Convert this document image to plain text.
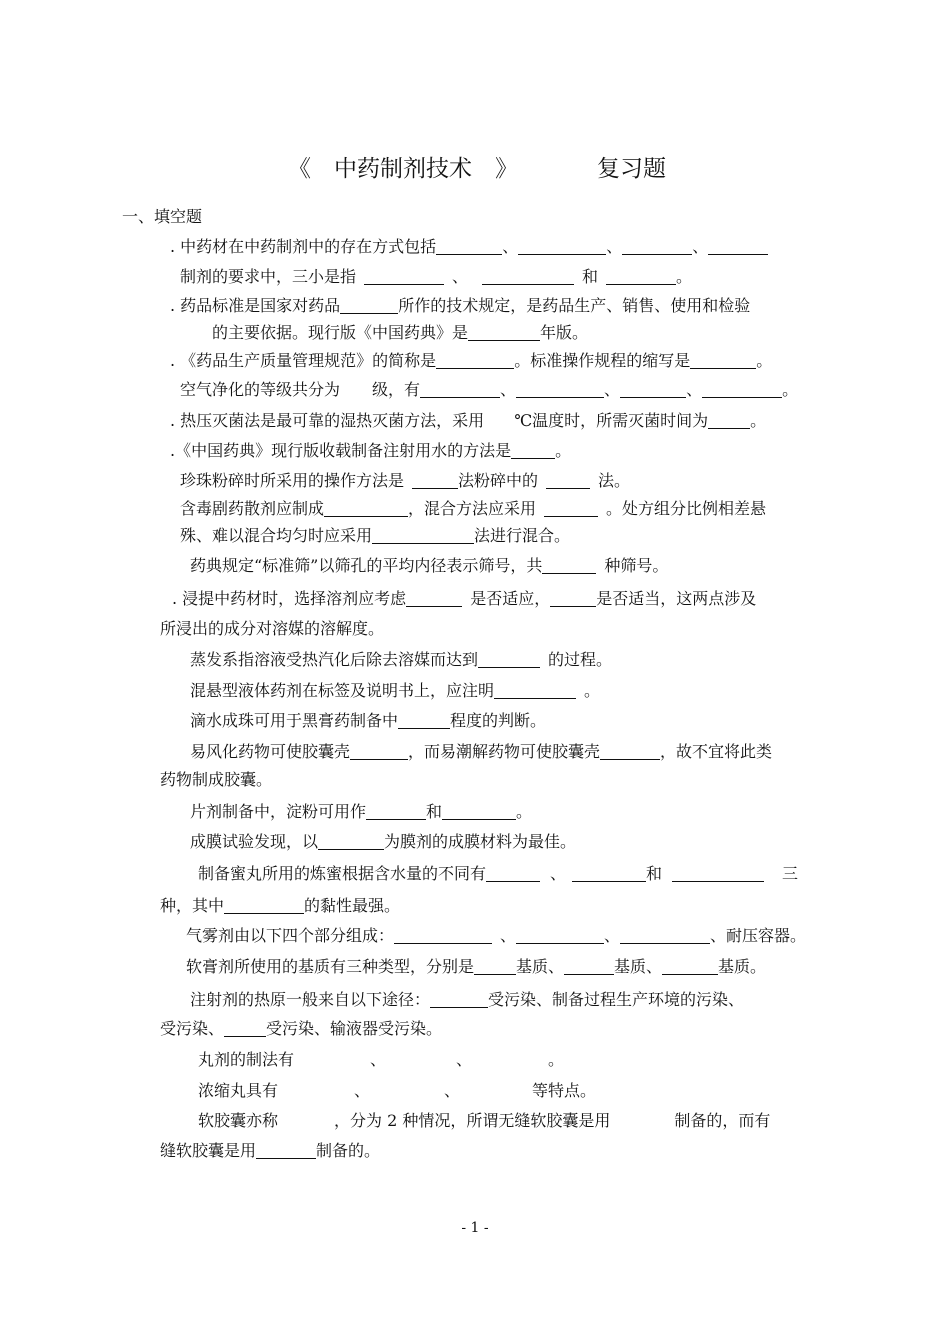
《　中药制剂技术　》	复习题
一、填空题
. 中药材在中药制剂中的存在方式包括	、	、	、
制剂的要求中，三小是指	、	和	。
. 药品标准是国家对药品	所作的技术规定，是药品生产、销售、使用和检验
的主要依据。现行版《中国药典》是	年版。
. 《药品生产质量管理规范》的简称是	。标准操作规程的缩写是	。
空气净化的等级共分为 级，有	、	、	、	。
. 热压灭菌法是最可靠的湿热灭菌方法，采用 ℃温度时，所需灭菌时间为	。
.《中国药典》现行版收载制备注射用水的方法是	。
珍珠粉碎时所采用的操作方法是	法粉碎中的	法。
含毒剧药散剂应制成	，混合方法应采用	。处方组分比例相差悬
殊、难以混合均匀时应采用	法进行混合。
药典规定“标准筛”以筛孔的平均内径表示筛号，共	种筛号。
. 浸提中药材时，选择溶剂应考虑	是否适应，	是否适当，这两点涉及
所浸出的成分对溶媒的溶解度。
蒸发系指溶液受热汽化后除去溶媒而达到	的过程。
混悬型液体药剂在标签及说明书上，应注明	。
滴水成珠可用于黑膏药制备中	程度的判断。
易风化药物可使胶囊壳	，而易潮解药物可使胶囊壳	，故不宜将此类
药物制成胶囊。
片剂制备中，淀粉可用作	和	。
成膜试验发现，以	为膜剂的成膜材料为最佳。
制备蜜丸所用的炼蜜根据含水量的不同有	、	和	三
种，其中	的黏性最强。
气雾剂由以下四个部分组成：	、	、	、耐压容器。
软膏剂所使用的基质有三种类型，分别是	基质、	基质、	基质。
注射剂的热原一般来自以下途径：	受污染、制备过程生产环境的污染、
受污染、	受污染、输液器受污染。
丸剂的制法有	、	、	。
浓缩丸具有	、	、	等特点。
软胶囊亦称	，分为 2 种情况，所谓无缝软胶囊是用	制备的，而有
缝软胶囊是用	制备的。
- 1 -
